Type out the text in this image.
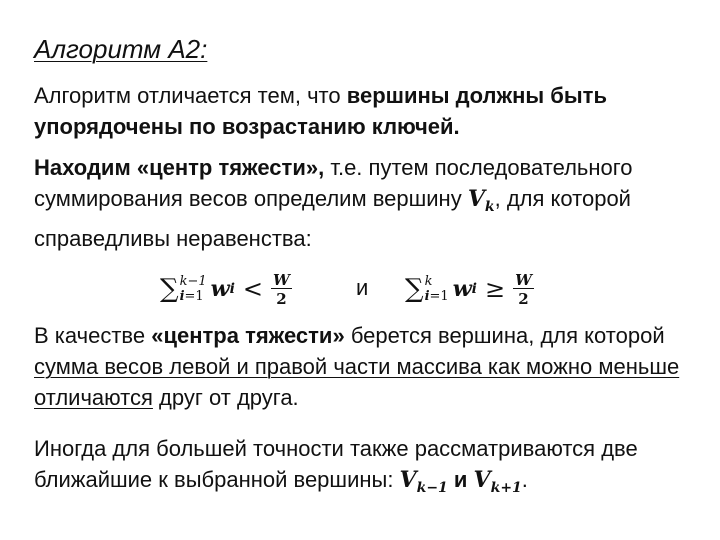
Алгоритм А2:
Алгоритм отличается тем, что вершины должны быть упорядочены по возрастанию ключей.
Находим «центр тяжести», т.е. путем последовательного суммирования весов определим вершину $V_k$, для которой справедливы неравенства:
∑ k−1
i=1 w $i < \frac{W}{2}$	и ∑ k
i=1 w $i \ge \frac{W}{2}$
В качестве «центра тяжести» берется вершина, для которой сумма весов левой и правой части массива как можно меньше отличаются друг от друга.
Иногда для большей точности также рассматриваются две ближайшие к выбранной вершины: $V_{k-1}$ и $V_{k+1}$.
